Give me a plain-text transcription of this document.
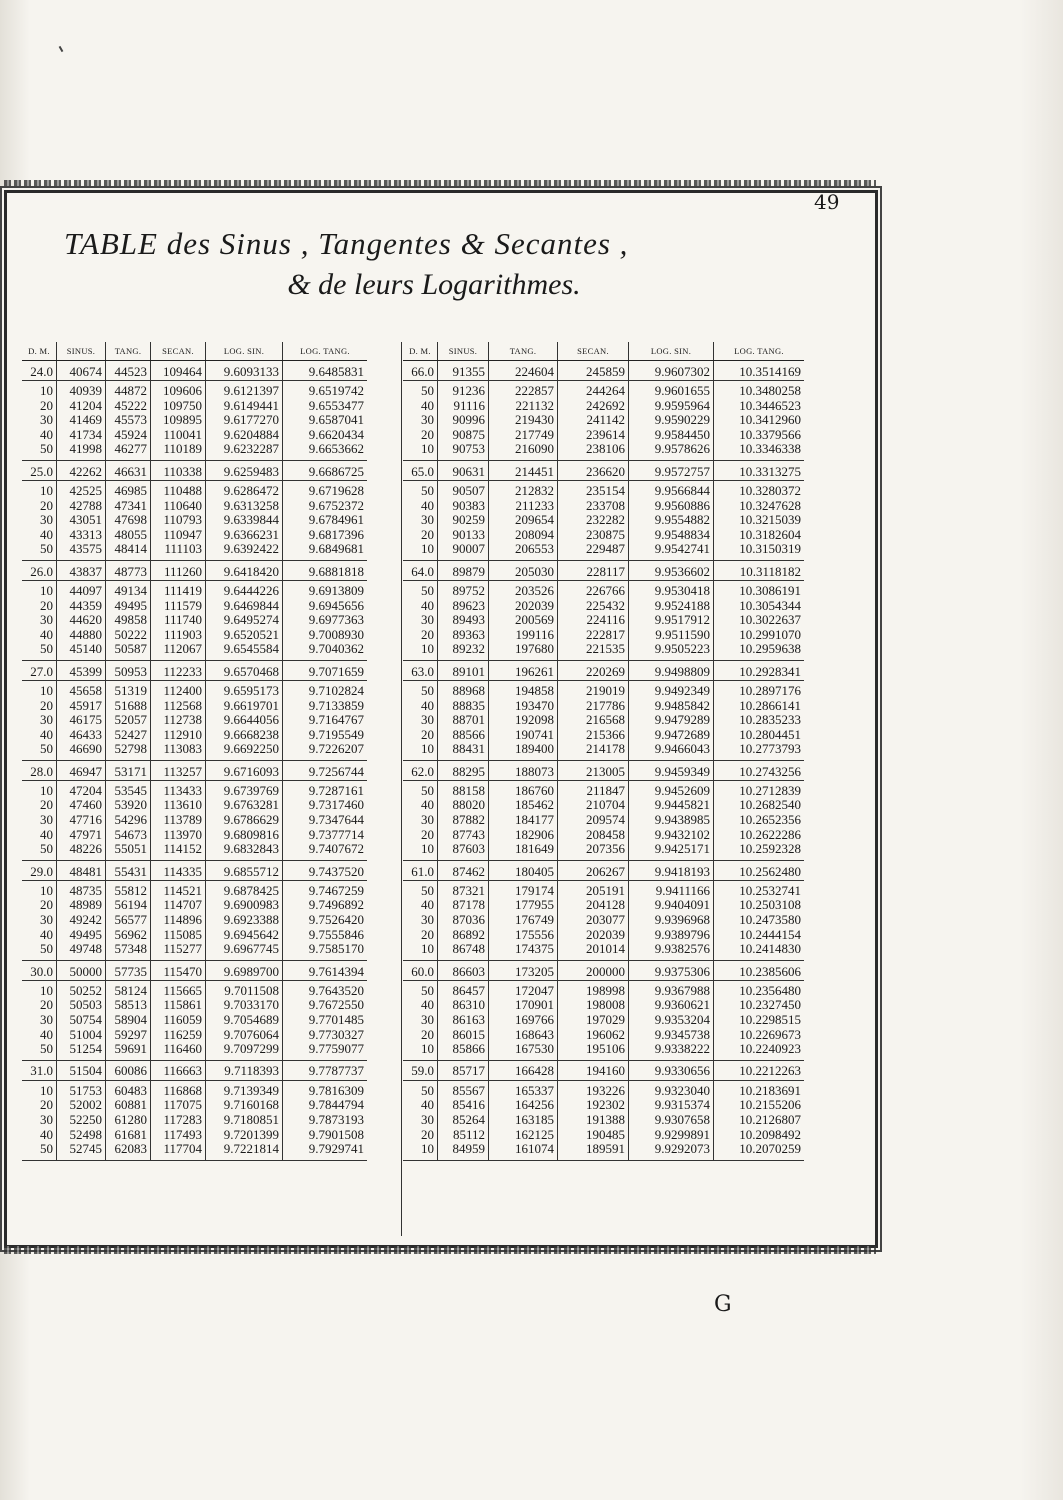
49
TABLE des Sinus , Tangentes & Secantes ,
& de leurs Logarithmes.
D. M.	SINUS.	TANG.	SECAN.	LOG. SIN.	LOG. TANG.
24.0	40674	44523	109464	9.6093133	9.6485831
10	40939	44872	109606	9.6121397	9.6519742
20	41204	45222	109750	9.6149441	9.6553477
30	41469	45573	109895	9.6177270	9.6587041
40	41734	45924	110041	9.6204884	9.6620434
50	41998	46277	110189	9.6232287	9.6653662
25.0	42262	46631	110338	9.6259483	9.6686725
10	42525	46985	110488	9.6286472	9.6719628
20	42788	47341	110640	9.6313258	9.6752372
30	43051	47698	110793	9.6339844	9.6784961
40	43313	48055	110947	9.6366231	9.6817396
50	43575	48414	111103	9.6392422	9.6849681
26.0	43837	48773	111260	9.6418420	9.6881818
10	44097	49134	111419	9.6444226	9.6913809
20	44359	49495	111579	9.6469844	9.6945656
30	44620	49858	111740	9.6495274	9.6977363
40	44880	50222	111903	9.6520521	9.7008930
50	45140	50587	112067	9.6545584	9.7040362
27.0	45399	50953	112233	9.6570468	9.7071659
10	45658	51319	112400	9.6595173	9.7102824
20	45917	51688	112568	9.6619701	9.7133859
30	46175	52057	112738	9.6644056	9.7164767
40	46433	52427	112910	9.6668238	9.7195549
50	46690	52798	113083	9.6692250	9.7226207
28.0	46947	53171	113257	9.6716093	9.7256744
10	47204	53545	113433	9.6739769	9.7287161
20	47460	53920	113610	9.6763281	9.7317460
30	47716	54296	113789	9.6786629	9.7347644
40	47971	54673	113970	9.6809816	9.7377714
50	48226	55051	114152	9.6832843	9.7407672
29.0	48481	55431	114335	9.6855712	9.7437520
10	48735	55812	114521	9.6878425	9.7467259
20	48989	56194	114707	9.6900983	9.7496892
30	49242	56577	114896	9.6923388	9.7526420
40	49495	56962	115085	9.6945642	9.7555846
50	49748	57348	115277	9.6967745	9.7585170
30.0	50000	57735	115470	9.6989700	9.7614394
10	50252	58124	115665	9.7011508	9.7643520
20	50503	58513	115861	9.7033170	9.7672550
30	50754	58904	116059	9.7054689	9.7701485
40	51004	59297	116259	9.7076064	9.7730327
50	51254	59691	116460	9.7097299	9.7759077
31.0	51504	60086	116663	9.7118393	9.7787737
10	51753	60483	116868	9.7139349	9.7816309
20	52002	60881	117075	9.7160168	9.7844794
30	52250	61280	117283	9.7180851	9.7873193
40	52498	61681	117493	9.7201399	9.7901508
50	52745	62083	117704	9.7221814	9.7929741
D. M.	SINUS.	TANG.	SECAN.	LOG. SIN.	LOG. TANG.
66.0	91355	224604	245859	9.9607302	10.3514169
50	91236	222857	244264	9.9601655	10.3480258
40	91116	221132	242692	9.9595964	10.3446523
30	90996	219430	241142	9.9590229	10.3412960
20	90875	217749	239614	9.9584450	10.3379566
10	90753	216090	238106	9.9578626	10.3346338
65.0	90631	214451	236620	9.9572757	10.3313275
50	90507	212832	235154	9.9566844	10.3280372
40	90383	211233	233708	9.9560886	10.3247628
30	90259	209654	232282	9.9554882	10.3215039
20	90133	208094	230875	9.9548834	10.3182604
10	90007	206553	229487	9.9542741	10.3150319
64.0	89879	205030	228117	9.9536602	10.3118182
50	89752	203526	226766	9.9530418	10.3086191
40	89623	202039	225432	9.9524188	10.3054344
30	89493	200569	224116	9.9517912	10.3022637
20	89363	199116	222817	9.9511590	10.2991070
10	89232	197680	221535	9.9505223	10.2959638
63.0	89101	196261	220269	9.9498809	10.2928341
50	88968	194858	219019	9.9492349	10.2897176
40	88835	193470	217786	9.9485842	10.2866141
30	88701	192098	216568	9.9479289	10.2835233
20	88566	190741	215366	9.9472689	10.2804451
10	88431	189400	214178	9.9466043	10.2773793
62.0	88295	188073	213005	9.9459349	10.2743256
50	88158	186760	211847	9.9452609	10.2712839
40	88020	185462	210704	9.9445821	10.2682540
30	87882	184177	209574	9.9438985	10.2652356
20	87743	182906	208458	9.9432102	10.2622286
10	87603	181649	207356	9.9425171	10.2592328
61.0	87462	180405	206267	9.9418193	10.2562480
50	87321	179174	205191	9.9411166	10.2532741
40	87178	177955	204128	9.9404091	10.2503108
30	87036	176749	203077	9.9396968	10.2473580
20	86892	175556	202039	9.9389796	10.2444154
10	86748	174375	201014	9.9382576	10.2414830
60.0	86603	173205	200000	9.9375306	10.2385606
50	86457	172047	198998	9.9367988	10.2356480
40	86310	170901	198008	9.9360621	10.2327450
30	86163	169766	197029	9.9353204	10.2298515
20	86015	168643	196062	9.9345738	10.2269673
10	85866	167530	195106	9.9338222	10.2240923
59.0	85717	166428	194160	9.9330656	10.2212263
50	85567	165337	193226	9.9323040	10.2183691
40	85416	164256	192302	9.9315374	10.2155206
30	85264	163185	191388	9.9307658	10.2126807
20	85112	162125	190485	9.9299891	10.2098492
10	84959	161074	189591	9.9292073	10.2070259
G
